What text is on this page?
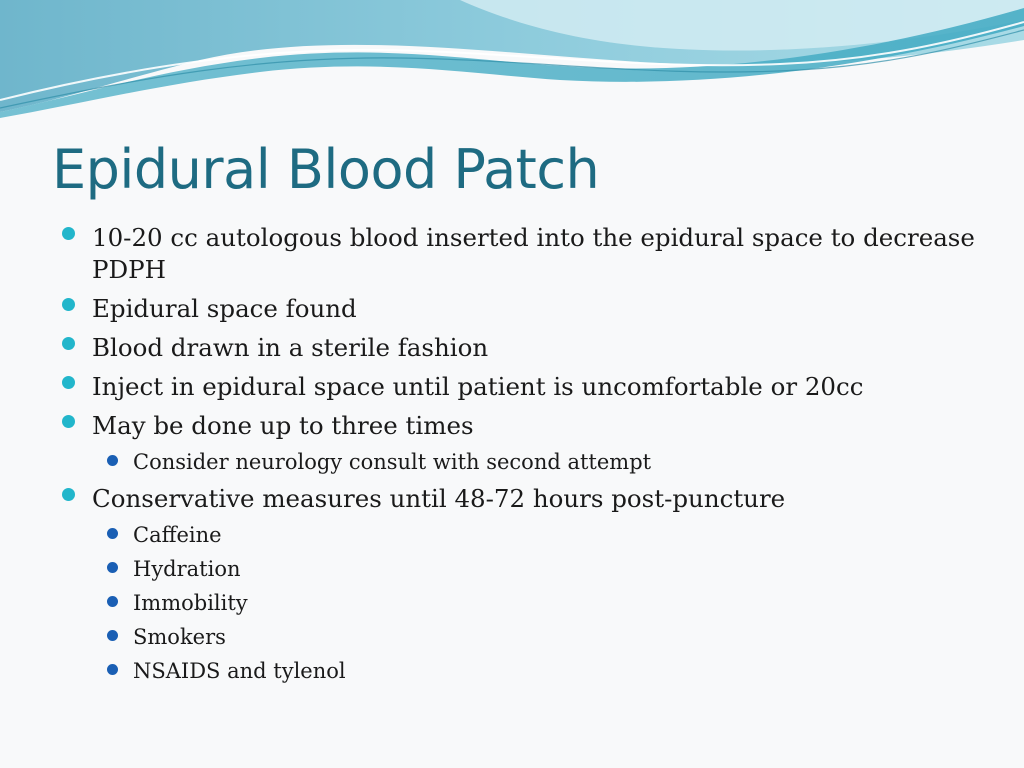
Epidural Blood Patch
10-20 cc autologous blood inserted into the epidural space to decrease PDPH
Epidural space found
Blood drawn in a sterile fashion
Inject in epidural space until patient is uncomfortable or 20cc
May be done up to three times
Consider neurology consult with second attempt
Conservative measures until 48-72 hours post-puncture
Caffeine
Hydration
Immobility
Smokers
NSAIDS and tylenol
